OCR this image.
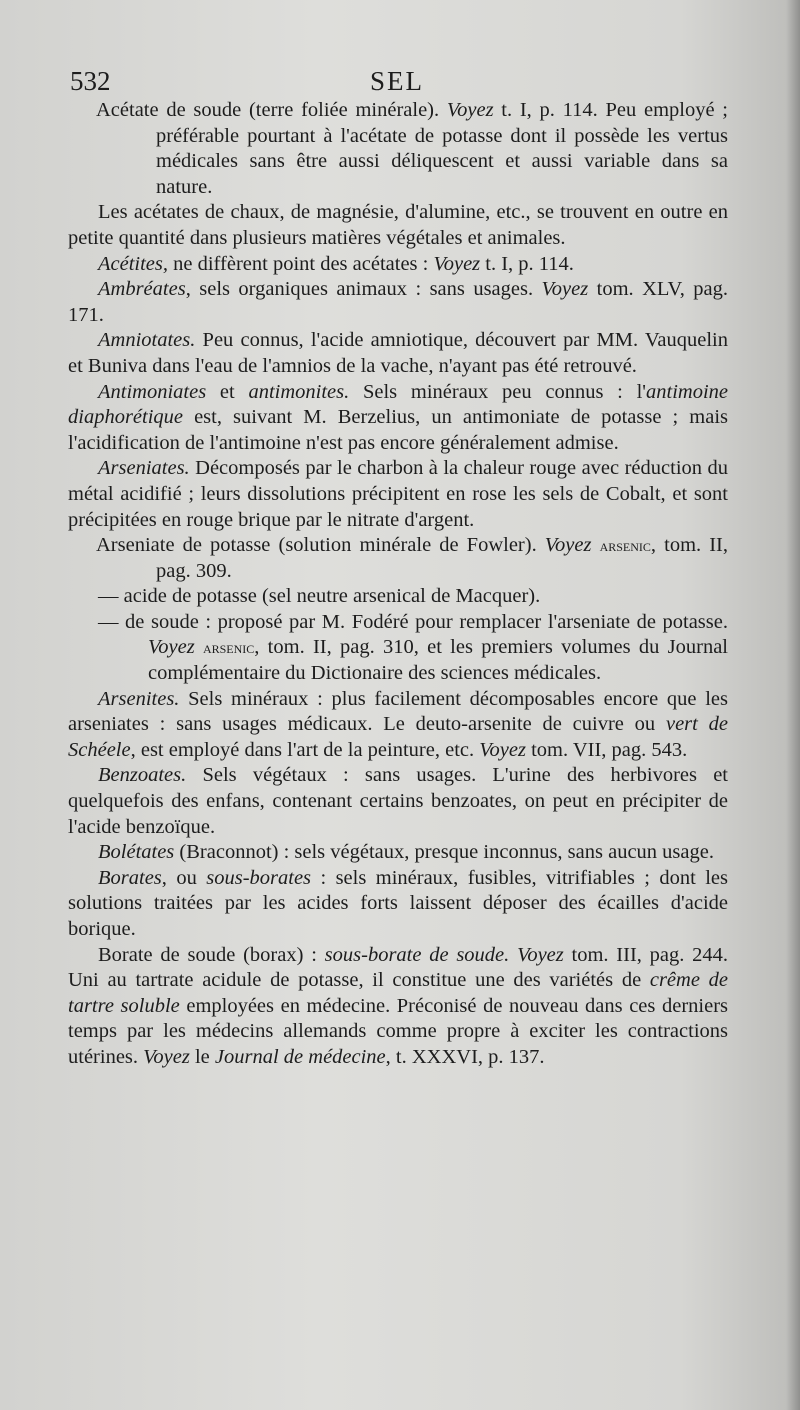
532	SEL

Acétate de soude (terre foliée minérale). Voyez t. I, p. 114. Peu employé ; préférable pourtant à l'acétate de potasse dont il possède les vertus médicales sans être aussi déliquescent et aussi variable dans sa nature.

Les acétates de chaux, de magnésie, d'alumine, etc., se trouvent en outre en petite quantité dans plusieurs matières végétales et animales.

Acétites, ne diffèrent point des acétates : Voyez t. I, p. 114.

Ambréates, sels organiques animaux : sans usages. Voyez tom. XLV, pag. 171.

Amniotates. Peu connus, l'acide amniotique, découvert par MM. Vauquelin et Buniva dans l'eau de l'amnios de la vache, n'ayant pas été retrouvé.

Antimoniates et antimonites. Sels minéraux peu connus : l'antimoine diaphorétique est, suivant M. Berzelius, un antimoniate de potasse ; mais l'acidification de l'antimoine n'est pas encore généralement admise.

Arseniates. Décomposés par le charbon à la chaleur rouge avec réduction du métal acidifié ; leurs dissolutions précipitent en rose les sels de Cobalt, et sont précipitées en rouge brique par le nitrate d'argent.

Arseniate de potasse (solution minérale de Fowler). Voyez arsenic, tom. II, pag. 309.

— acide de potasse (sel neutre arsenical de Macquer).

— de soude : proposé par M. Fodéré pour remplacer l'arseniate de potasse. Voyez arsenic, tom. II, pag. 310, et les premiers volumes du Journal complémentaire du Dictionaire des sciences médicales.

Arsenites. Sels minéraux : plus facilement décomposables encore que les arseniates : sans usages médicaux. Le deuto-arsenite de cuivre ou vert de Schéele, est employé dans l'art de la peinture, etc. Voyez tom. VII, pag. 543.

Benzoates. Sels végétaux : sans usages. L'urine des herbivores et quelquefois des enfans, contenant certains benzoates, on peut en précipiter de l'acide benzoïque.

Bolétates (Braconnot) : sels végétaux, presque inconnus, sans aucun usage.

Borates, ou sous-borates : sels minéraux, fusibles, vitrifiables ; dont les solutions traitées par les acides forts laissent déposer des écailles d'acide borique.

Borate de soude (borax) : sous-borate de soude. Voyez tom. III, pag. 244. Uni au tartrate acidule de potasse, il constitue une des variétés de crême de tartre soluble employées en médecine. Préconisé de nouveau dans ces derniers temps par les médecins allemands comme propre à exciter les contractions utérines. Voyez le Journal de médecine, t. XXXVI, p. 137.
